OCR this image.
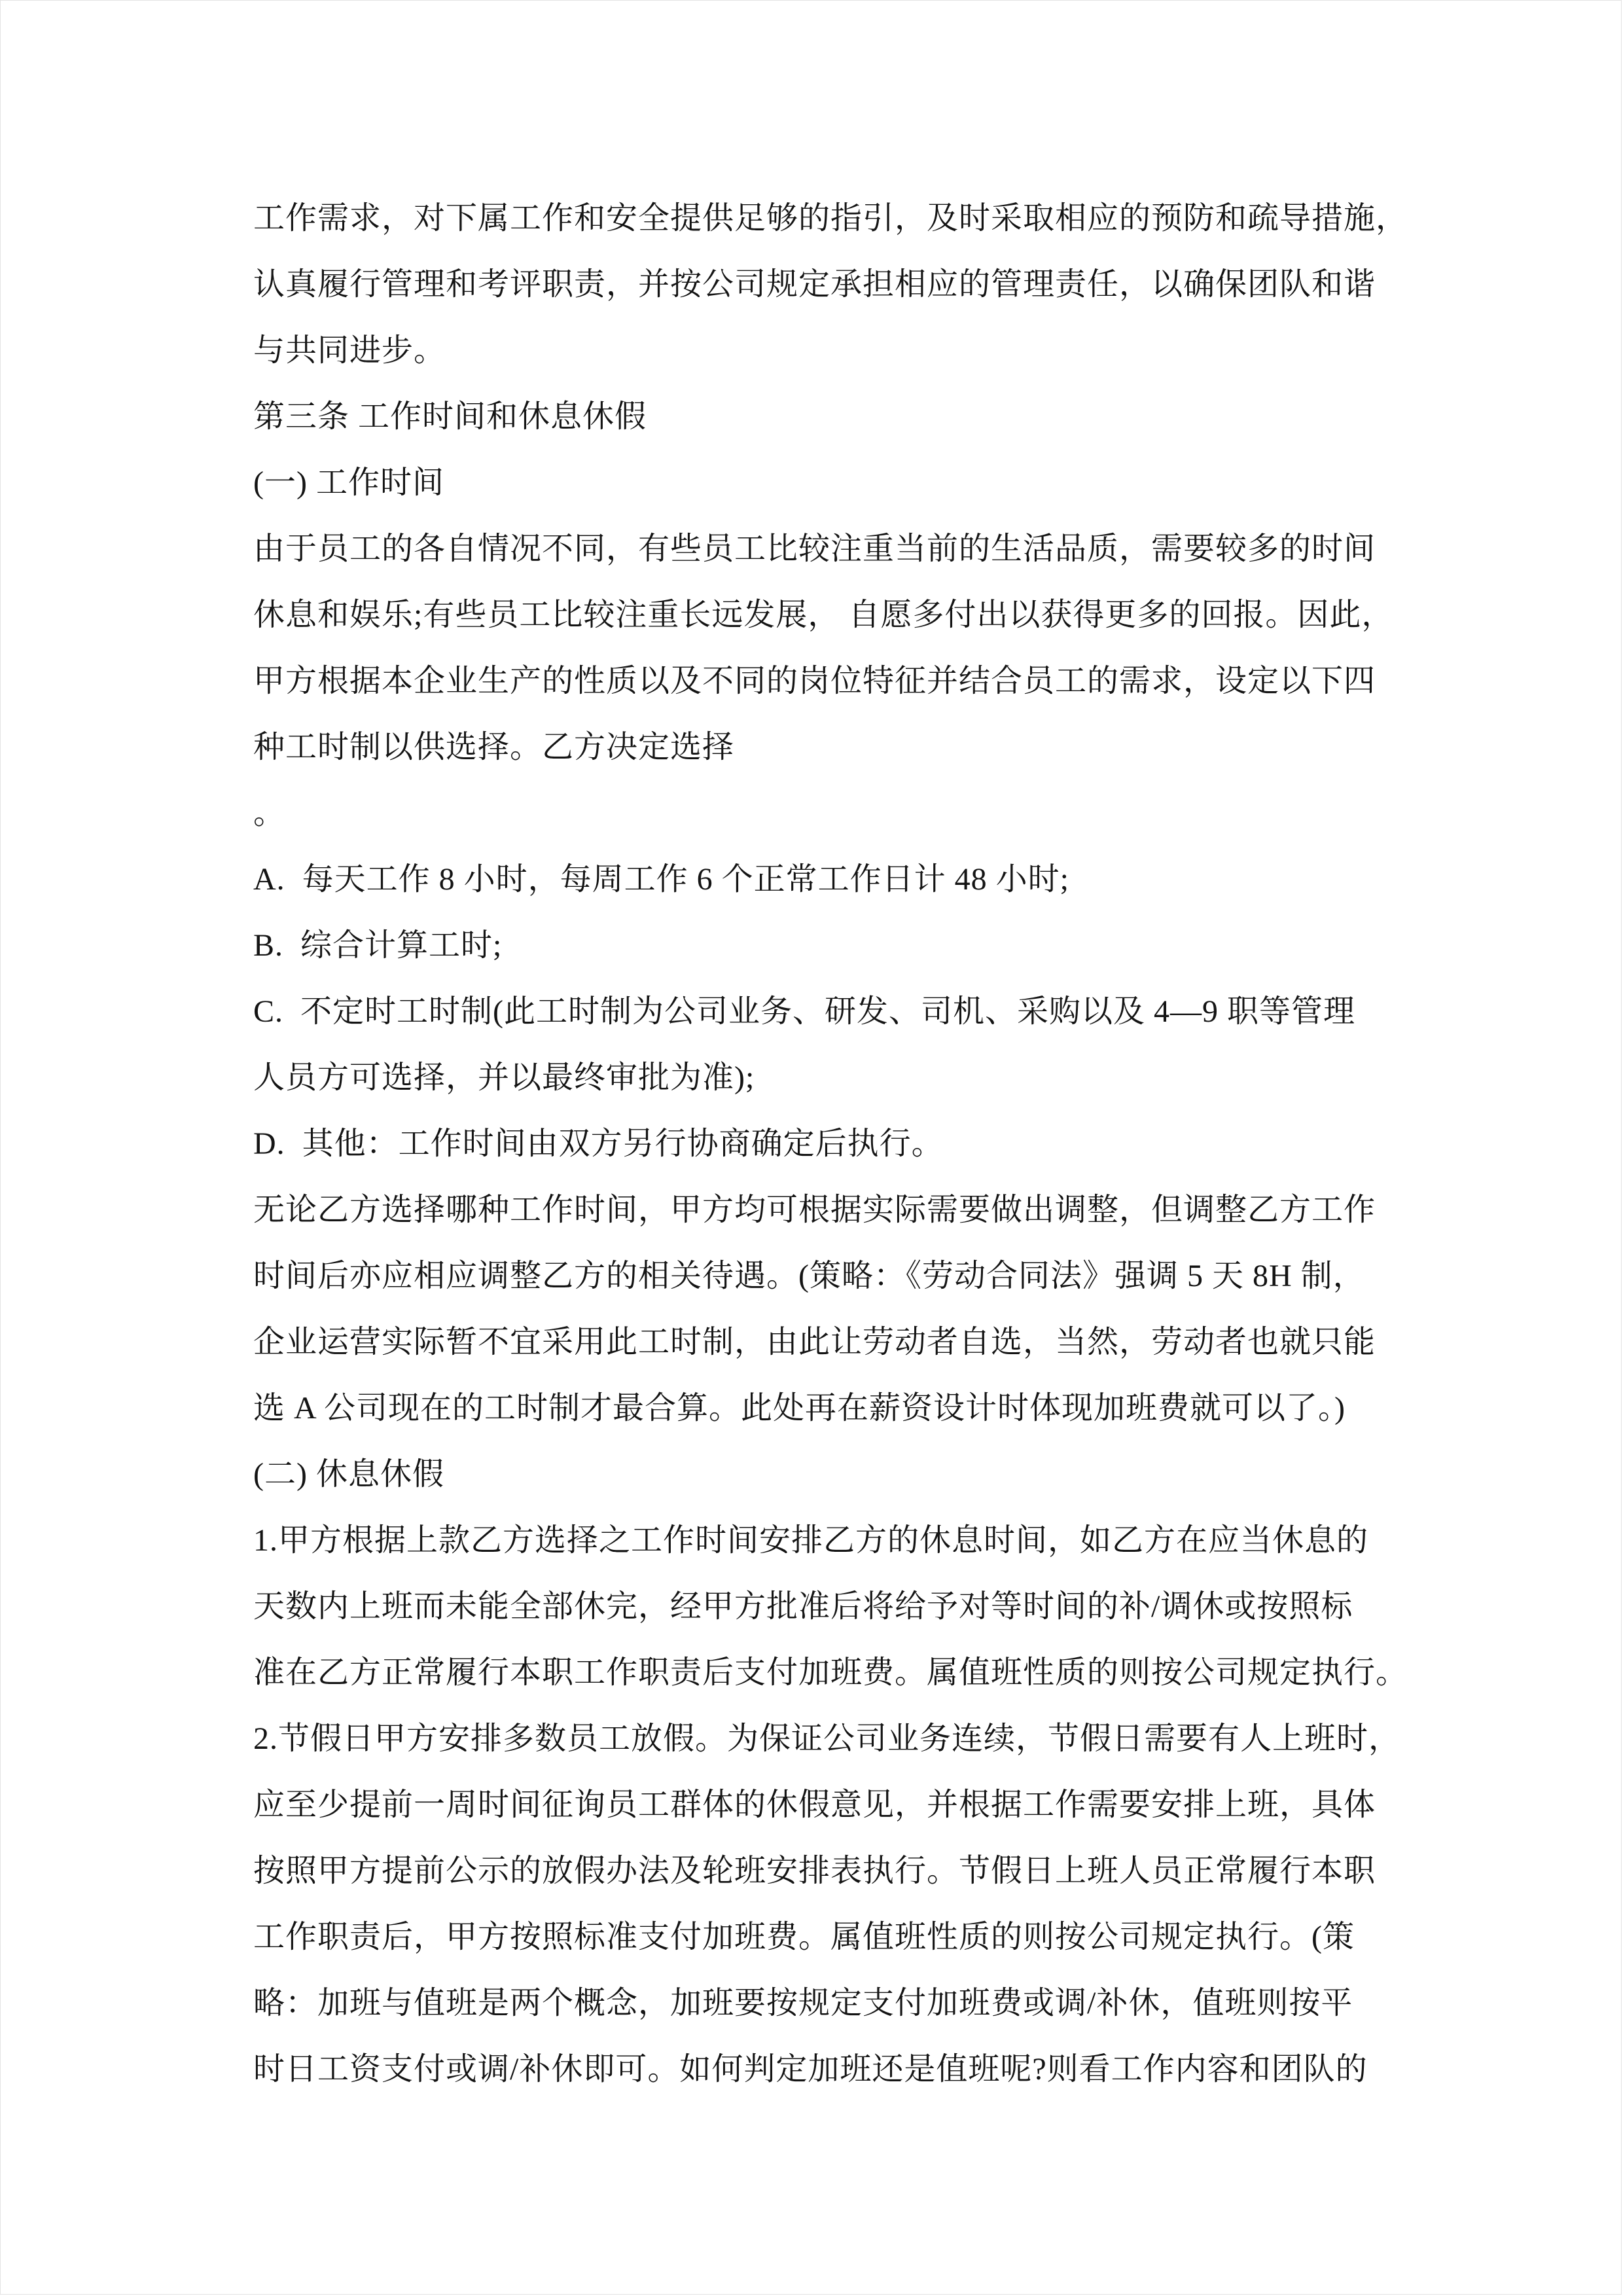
工作需求，对下属工作和安全提供足够的指引，及时采取相应的预防和疏导措施，
认真履行管理和考评职责，并按公司规定承担相应的管理责任，以确保团队和谐
与共同进步。
第三条 工作时间和休息休假
(一) 工作时间
由于员工的各自情况不同，有些员工比较注重当前的生活品质，需要较多的时间
休息和娱乐;有些员工比较注重长远发展， 自愿多付出以获得更多的回报。因此，
甲方根据本企业生产的性质以及不同的岗位特征并结合员工的需求，设定以下四
种工时制以供选择。乙方决定选择
。
A.  每天工作 8 小时，每周工作 6 个正常工作日计 48 小时;
B.  综合计算工时;
C.  不定时工时制(此工时制为公司业务、研发、司机、采购以及 4—9 职等管理
人员方可选择，并以最终审批为准);
D.  其他：工作时间由双方另行协商确定后执行。
无论乙方选择哪种工作时间，甲方均可根据实际需要做出调整，但调整乙方工作
时间后亦应相应调整乙方的相关待遇。(策略：《劳动合同法》强调 5 天 8H 制，
企业运营实际暂不宜采用此工时制，由此让劳动者自选，当然，劳动者也就只能
选 A 公司现在的工时制才最合算。此处再在薪资设计时体现加班费就可以了。)
(二) 休息休假
1.甲方根据上款乙方选择之工作时间安排乙方的休息时间，如乙方在应当休息的
天数内上班而未能全部休完，经甲方批准后将给予对等时间的补/调休或按照标
准在乙方正常履行本职工作职责后支付加班费。属值班性质的则按公司规定执行。
2.节假日甲方安排多数员工放假。为保证公司业务连续，节假日需要有人上班时，
应至少提前一周时间征询员工群体的休假意见，并根据工作需要安排上班，具体
按照甲方提前公示的放假办法及轮班安排表执行。节假日上班人员正常履行本职
工作职责后，甲方按照标准支付加班费。属值班性质的则按公司规定执行。(策
略：加班与值班是两个概念，加班要按规定支付加班费或调/补休，值班则按平
时日工资支付或调/补休即可。如何判定加班还是值班呢?则看工作内容和团队的
